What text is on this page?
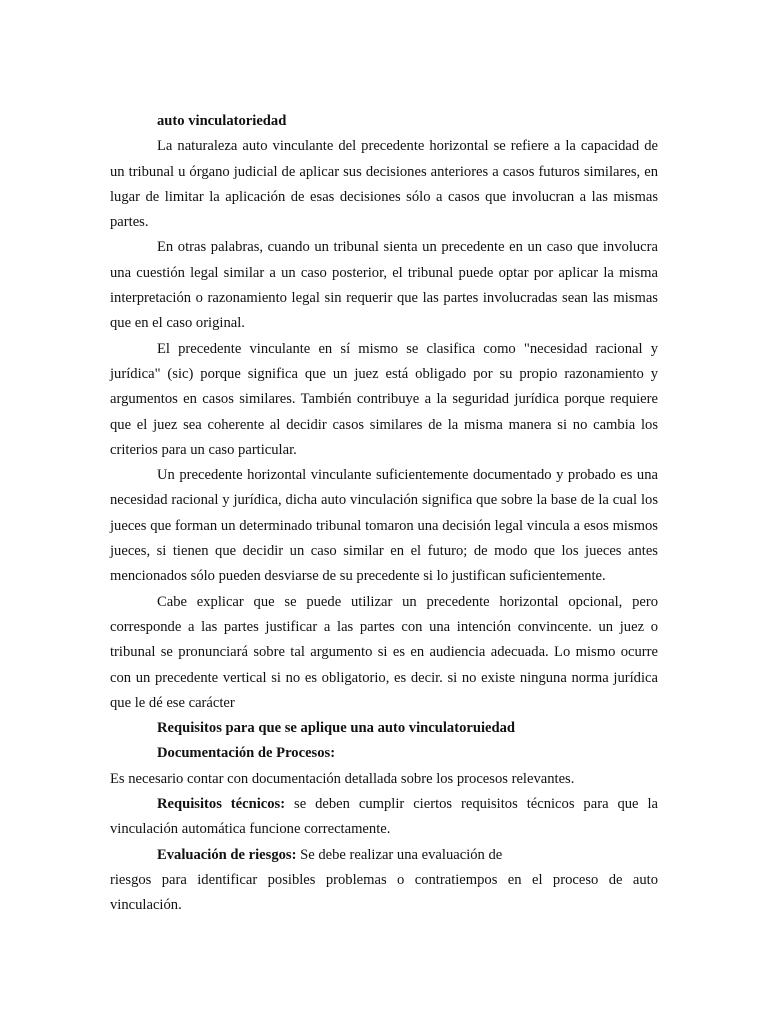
auto vinculatoriedad

La naturaleza auto vinculante del precedente horizontal se refiere a la capacidad de un tribunal u órgano judicial de aplicar sus decisiones anteriores a casos futuros similares, en lugar de limitar la aplicación de esas decisiones sólo a casos que involucran a las mismas partes.

En otras palabras, cuando un tribunal sienta un precedente en un caso que involucra una cuestión legal similar a un caso posterior, el tribunal puede optar por aplicar la misma interpretación o razonamiento legal sin requerir que las partes involucradas sean las mismas que en el caso original.

El precedente vinculante en sí mismo se clasifica como "necesidad racional y jurídica" (sic) porque significa que un juez está obligado por su propio razonamiento y argumentos en casos similares. También contribuye a la seguridad jurídica porque requiere que el juez sea coherente al decidir casos similares de la misma manera si no cambia los criterios para un caso particular.

Un precedente horizontal vinculante suficientemente documentado y probado es una necesidad racional y jurídica, dicha auto vinculación significa que sobre la base de la cual los jueces que forman un determinado tribunal tomaron una decisión legal vincula a esos mismos jueces, si tienen que decidir un caso similar en el futuro; de modo que los jueces antes mencionados sólo pueden desviarse de su precedente si lo justifican suficientemente.

Cabe explicar que se puede utilizar un precedente horizontal opcional, pero corresponde a las partes justificar a las partes con una intención convincente. un juez o tribunal se pronunciará sobre tal argumento si es en audiencia adecuada. Lo mismo ocurre con un precedente vertical si no es obligatorio, es decir. si no existe ninguna norma jurídica que le dé ese carácter

Requisitos para que se aplique una auto vinculatoruiedad

Documentación de Procesos:

Es necesario contar con documentación detallada sobre los procesos relevantes.

Requisitos técnicos: se deben cumplir ciertos requisitos técnicos para que la vinculación automática funcione correctamente.

Evaluación de riesgos: Se debe realizar una evaluación de

riesgos para identificar posibles problemas o contratiempos en el proceso de auto vinculación.
